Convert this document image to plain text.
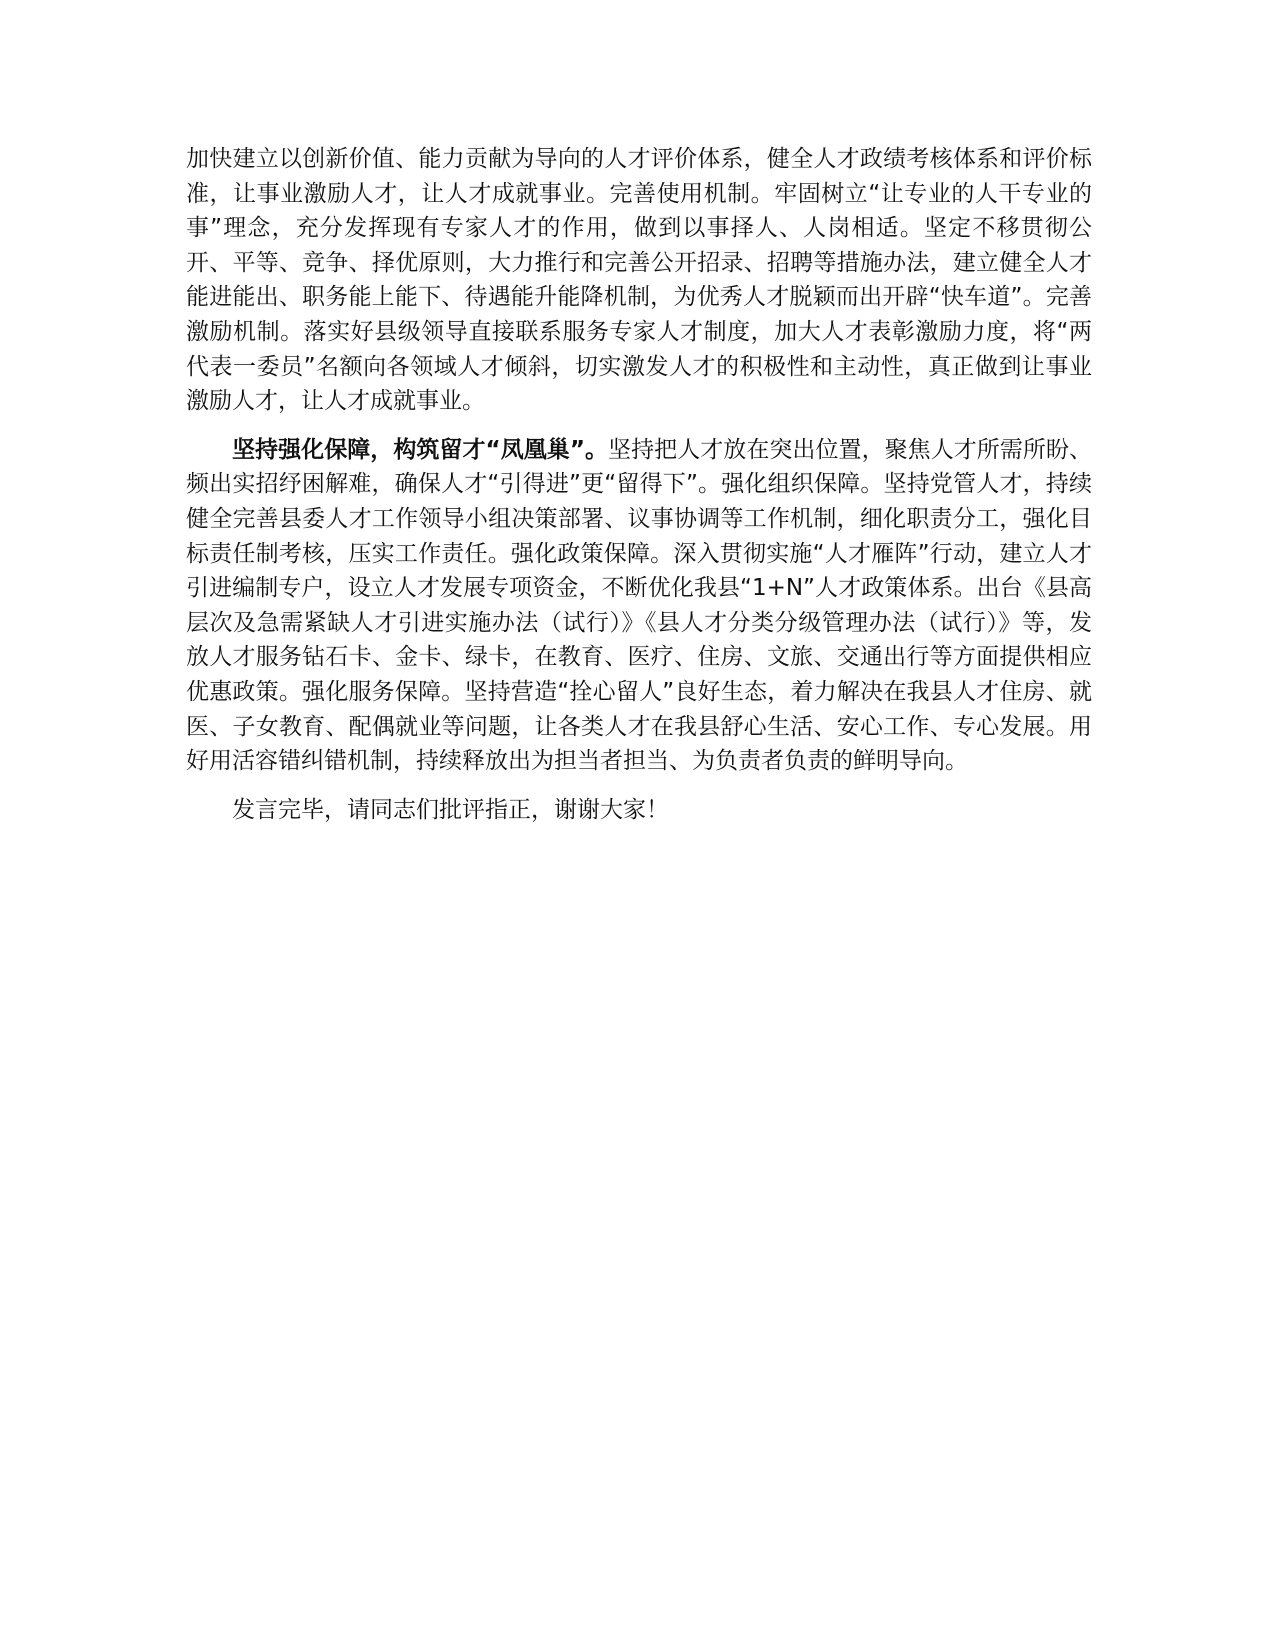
加快建立以创新价值、能力贡献为导向的人才评价体系，健全人才政绩考核体系和评价标准，让事业激励人才，让人才成就事业。完善使用机制。牢固树立“让专业的人干专业的事”理念，充分发挥现有专家人才的作用，做到以事择人、人岗相适。坚定不移贯彻公开、平等、竞争、择优原则，大力推行和完善公开招录、招聘等措施办法，建立健全人才能进能出、职务能上能下、待遇能升能降机制，为优秀人才脱颖而出开辟“快车道”。完善激励机制。落实好县级领导直接联系服务专家人才制度，加大人才表彰激励力度，将“两代表一委员”名额向各领域人才倾斜，切实激发人才的积极性和主动性，真正做到让事业激励人才，让人才成就事业。

坚持强化保障，构筑留才“凤凰巢”。坚持把人才放在突出位置，聚焦人才所需所盼、频出实招纾困解难，确保人才“引得进”更“留得下”。强化组织保障。坚持党管人才，持续健全完善县委人才工作领导小组决策部署、议事协调等工作机制，细化职责分工，强化目标责任制考核，压实工作责任。强化政策保障。深入贯彻实施“人才雁阵”行动，建立人才引进编制专户，设立人才发展专项资金，不断优化我县“1+N”人才政策体系。出台《县高层次及急需紧缺人才引进实施办法（试行）》《县人才分类分级管理办法（试行）》等，发放人才服务钻石卡、金卡、绿卡，在教育、医疗、住房、文旅、交通出行等方面提供相应优惠政策。强化服务保障。坚持营造“拴心留人”良好生态，着力解决在我县人才住房、就医、子女教育、配偶就业等问题，让各类人才在我县舒心生活、安心工作、专心发展。用好用活容错纠错机制，持续释放出为担当者担当、为负责者负责的鲜明导向。

发言完毕，请同志们批评指正，谢谢大家！
